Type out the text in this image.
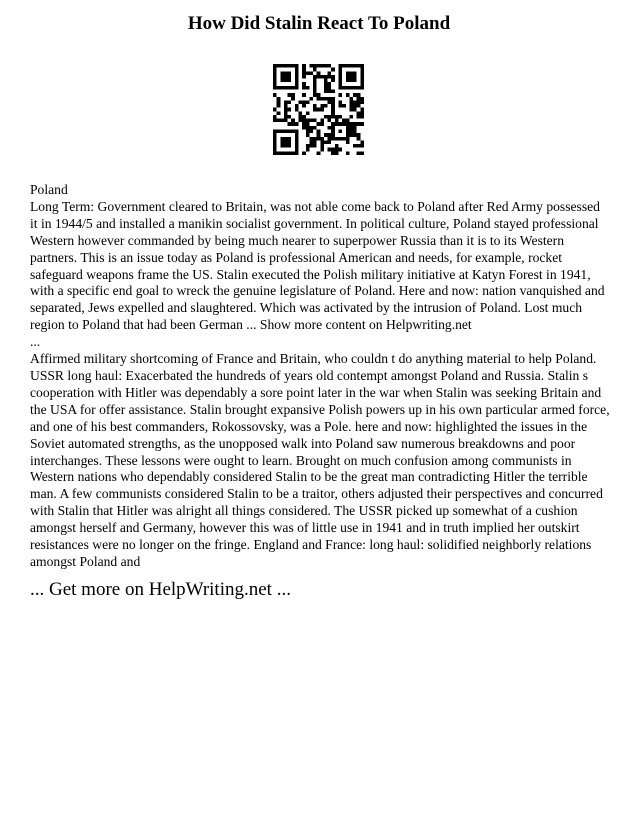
How Did Stalin React To Poland

Poland

Long Term: Government cleared to Britain, was not able come back to Poland after Red Army possessed it in 1944/5 and installed a manikin socialist government. In political culture, Poland stayed professional Western however commanded by being much nearer to superpower Russia than it is to its Western partners. This is an issue today as Poland is professional American and needs, for example, rocket safeguard weapons frame the US. Stalin executed the Polish military initiative at Katyn Forest in 1941, with a specific end goal to wreck the genuine legislature of Poland. Here and now: nation vanquished and separated, Jews expelled and slaughtered. Which was activated by the intrusion of Poland. Lost much region to Poland that had been German ... Show more content on Helpwriting.net

...

Affirmed military shortcoming of France and Britain, who couldn t do anything material to help Poland. USSR long haul: Exacerbated the hundreds of years old contempt amongst Poland and Russia. Stalin s cooperation with Hitler was dependably a sore point later in the war when Stalin was seeking Britain and the USA for offer assistance. Stalin brought expansive Polish powers up in his own particular armed force, and one of his best commanders, Rokossovsky, was a Pole. here and now: highlighted the issues in the Soviet automated strengths, as the unopposed walk into Poland saw numerous breakdowns and poor interchanges. These lessons were ought to learn. Brought on much confusion among communists in Western nations who dependably considered Stalin to be the great man contradicting Hitler the terrible man. A few communists considered Stalin to be a traitor, others adjusted their perspectives and concurred with Stalin that Hitler was alright all things considered. The USSR picked up somewhat of a cushion amongst herself and Germany, however this was of little use in 1941 and in truth implied her outskirt resistances were no longer on the fringe. England and France: long haul: solidified neighborly relations amongst Poland and

... Get more on HelpWriting.net ...
